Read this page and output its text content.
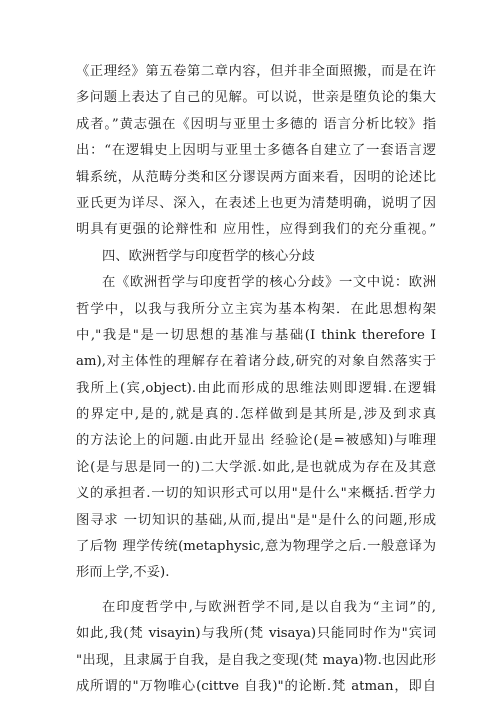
《正理经》第五卷第二章内容，但并非全面照搬，而是在许
多问题上表达了自己的见解。可以说，世亲是堕负论的集大
成者。”黄志强在《因明与亚里士多德的 语言分析比较》指
出：“在逻辑史上因明与亚里士多德各自建立了一套语言逻
辑系统，从范畴分类和区分谬误两方面来看，因明的论述比
亚氏更为详尽、深入，在表述上也更为清楚明确，说明了因
明具有更强的论辩性和 应用性，应得到我们的充分重视。”
四、欧洲哲学与印度哲学的核心分歧
在《欧洲哲学与印度哲学的核心分歧》一文中说：欧洲
哲学中，以我与我所分立主宾为基本构架．在此思想构架
中,"我是"是一切思想的基准与基础(I think therefore I
am),对主体性的理解存在着诸分歧,研究的对象自然落实于
我所上(宾,object).由此而形成的思维法则即逻辑.在逻辑
的界定中,是的,就是真的.怎样做到是其所是,涉及到求真
的方法论上的问题.由此开显出 经验论(是=被感知)与唯理
论(是与思是同一的)二大学派.如此,是也就成为存在及其意
义的承担者.一切的知识形式可以用"是什么"来概括.哲学力
图寻求 一切知识的基础,从而,提出"是"是什么的问题,形成
了后物 理学传统(metaphysic,意为物理学之后.一般意译为
形而上学,不妥).
在印度哲学中,与欧洲哲学不同,是以自我为“主词”的,
如此,我(梵 visayin)与我所(梵 visaya)只能同时作为"宾词
"出现，且隶属于自我，是自我之变现(梵 maya)物.也因此形
成所谓的"万物唯心(cittve 自我)"的论断.梵 atman，即自
